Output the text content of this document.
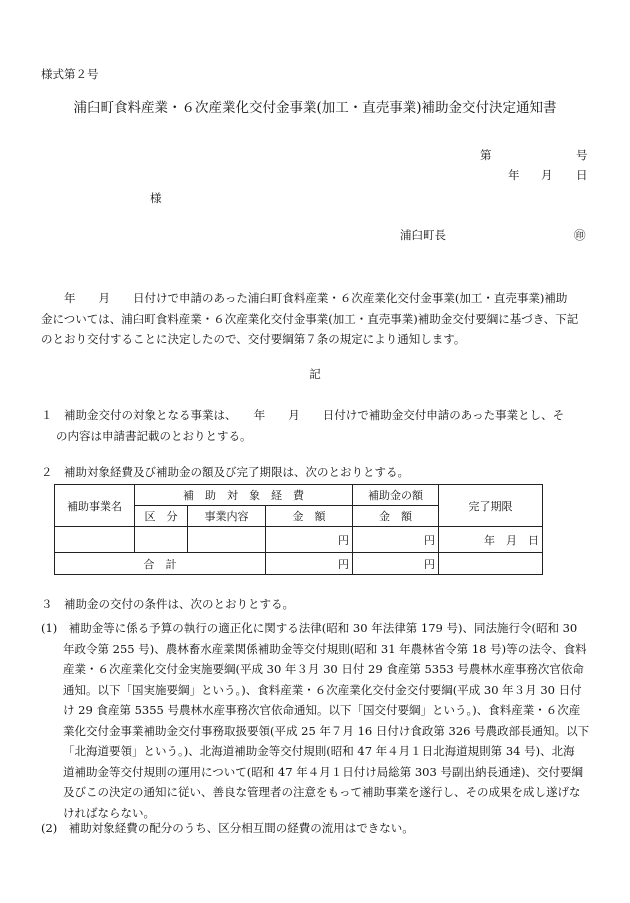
様式第２号
浦臼町食料産業・６次産業化交付金事業(加工・直売事業)補助金交付決定通知書
第	号
年 月 日
様
浦臼町長	㊞
　　年　　月　　日付けで申請のあった浦臼町食料産業・６次産業化交付金事業(加工・直売事業)補助
金については、浦臼町食料産業・６次産業化交付金事業(加工・直売事業)補助金交付要綱に基づき、下記
のとおり交付することに決定したので、交付要綱第７条の規定により通知します。
記
１　補助金交付の対象となる事業は、　　年　　月　　日付けで補助金交付申請のあった事業とし、そ
の内容は申請書記載のとおりとする。
２　補助対象経費及び補助金の額及び完了期限は、次のとおりとする。
補助事業名	補　助　対　象　経　費			補助金の額	完了期限
	区　分	事業内容	金　額	金　額	
			円	円	年　月　日
合　計			円	円	
３　補助金の交付の条件は、次のとおりとする。
(1)　補助金等に係る予算の執行の適正化に関する法律(昭和 30 年法律第 179 号)、同法施行令(昭和 30
年政令第 255 号)、農林畜水産業関係補助金等交付規則(昭和 31 年農林省令第 18 号)等の法令、食料
産業・６次産業化交付金実施要綱(平成 30 年３月 30 日付 29 食産第 5353 号農林水産事務次官依命
通知。以下「国実施要綱」という。)、食料産業・６次産業化交付金交付要綱(平成 30 年３月 30 日付
け 29 食産第 5355 号農林水産事務次官依命通知。以下「国交付要綱」という。)、食料産業・６次産
業化交付金事業補助金交付事務取扱要領(平成 25 年７月 16 日付け食政第 326 号農政部長通知。以下
「北海道要領」という。)、北海道補助金等交付規則(昭和 47 年４月１日北海道規則第 34 号)、北海
道補助金等交付規則の運用について(昭和 47 年４月１日付け局総第 303 号副出納長通達)、交付要綱
及びこの決定の通知に従い、善良な管理者の注意をもって補助事業を遂行し、その成果を成し遂げな
ければならない。
(2)　補助対象経費の配分のうち、区分相互間の経費の流用はできない。
